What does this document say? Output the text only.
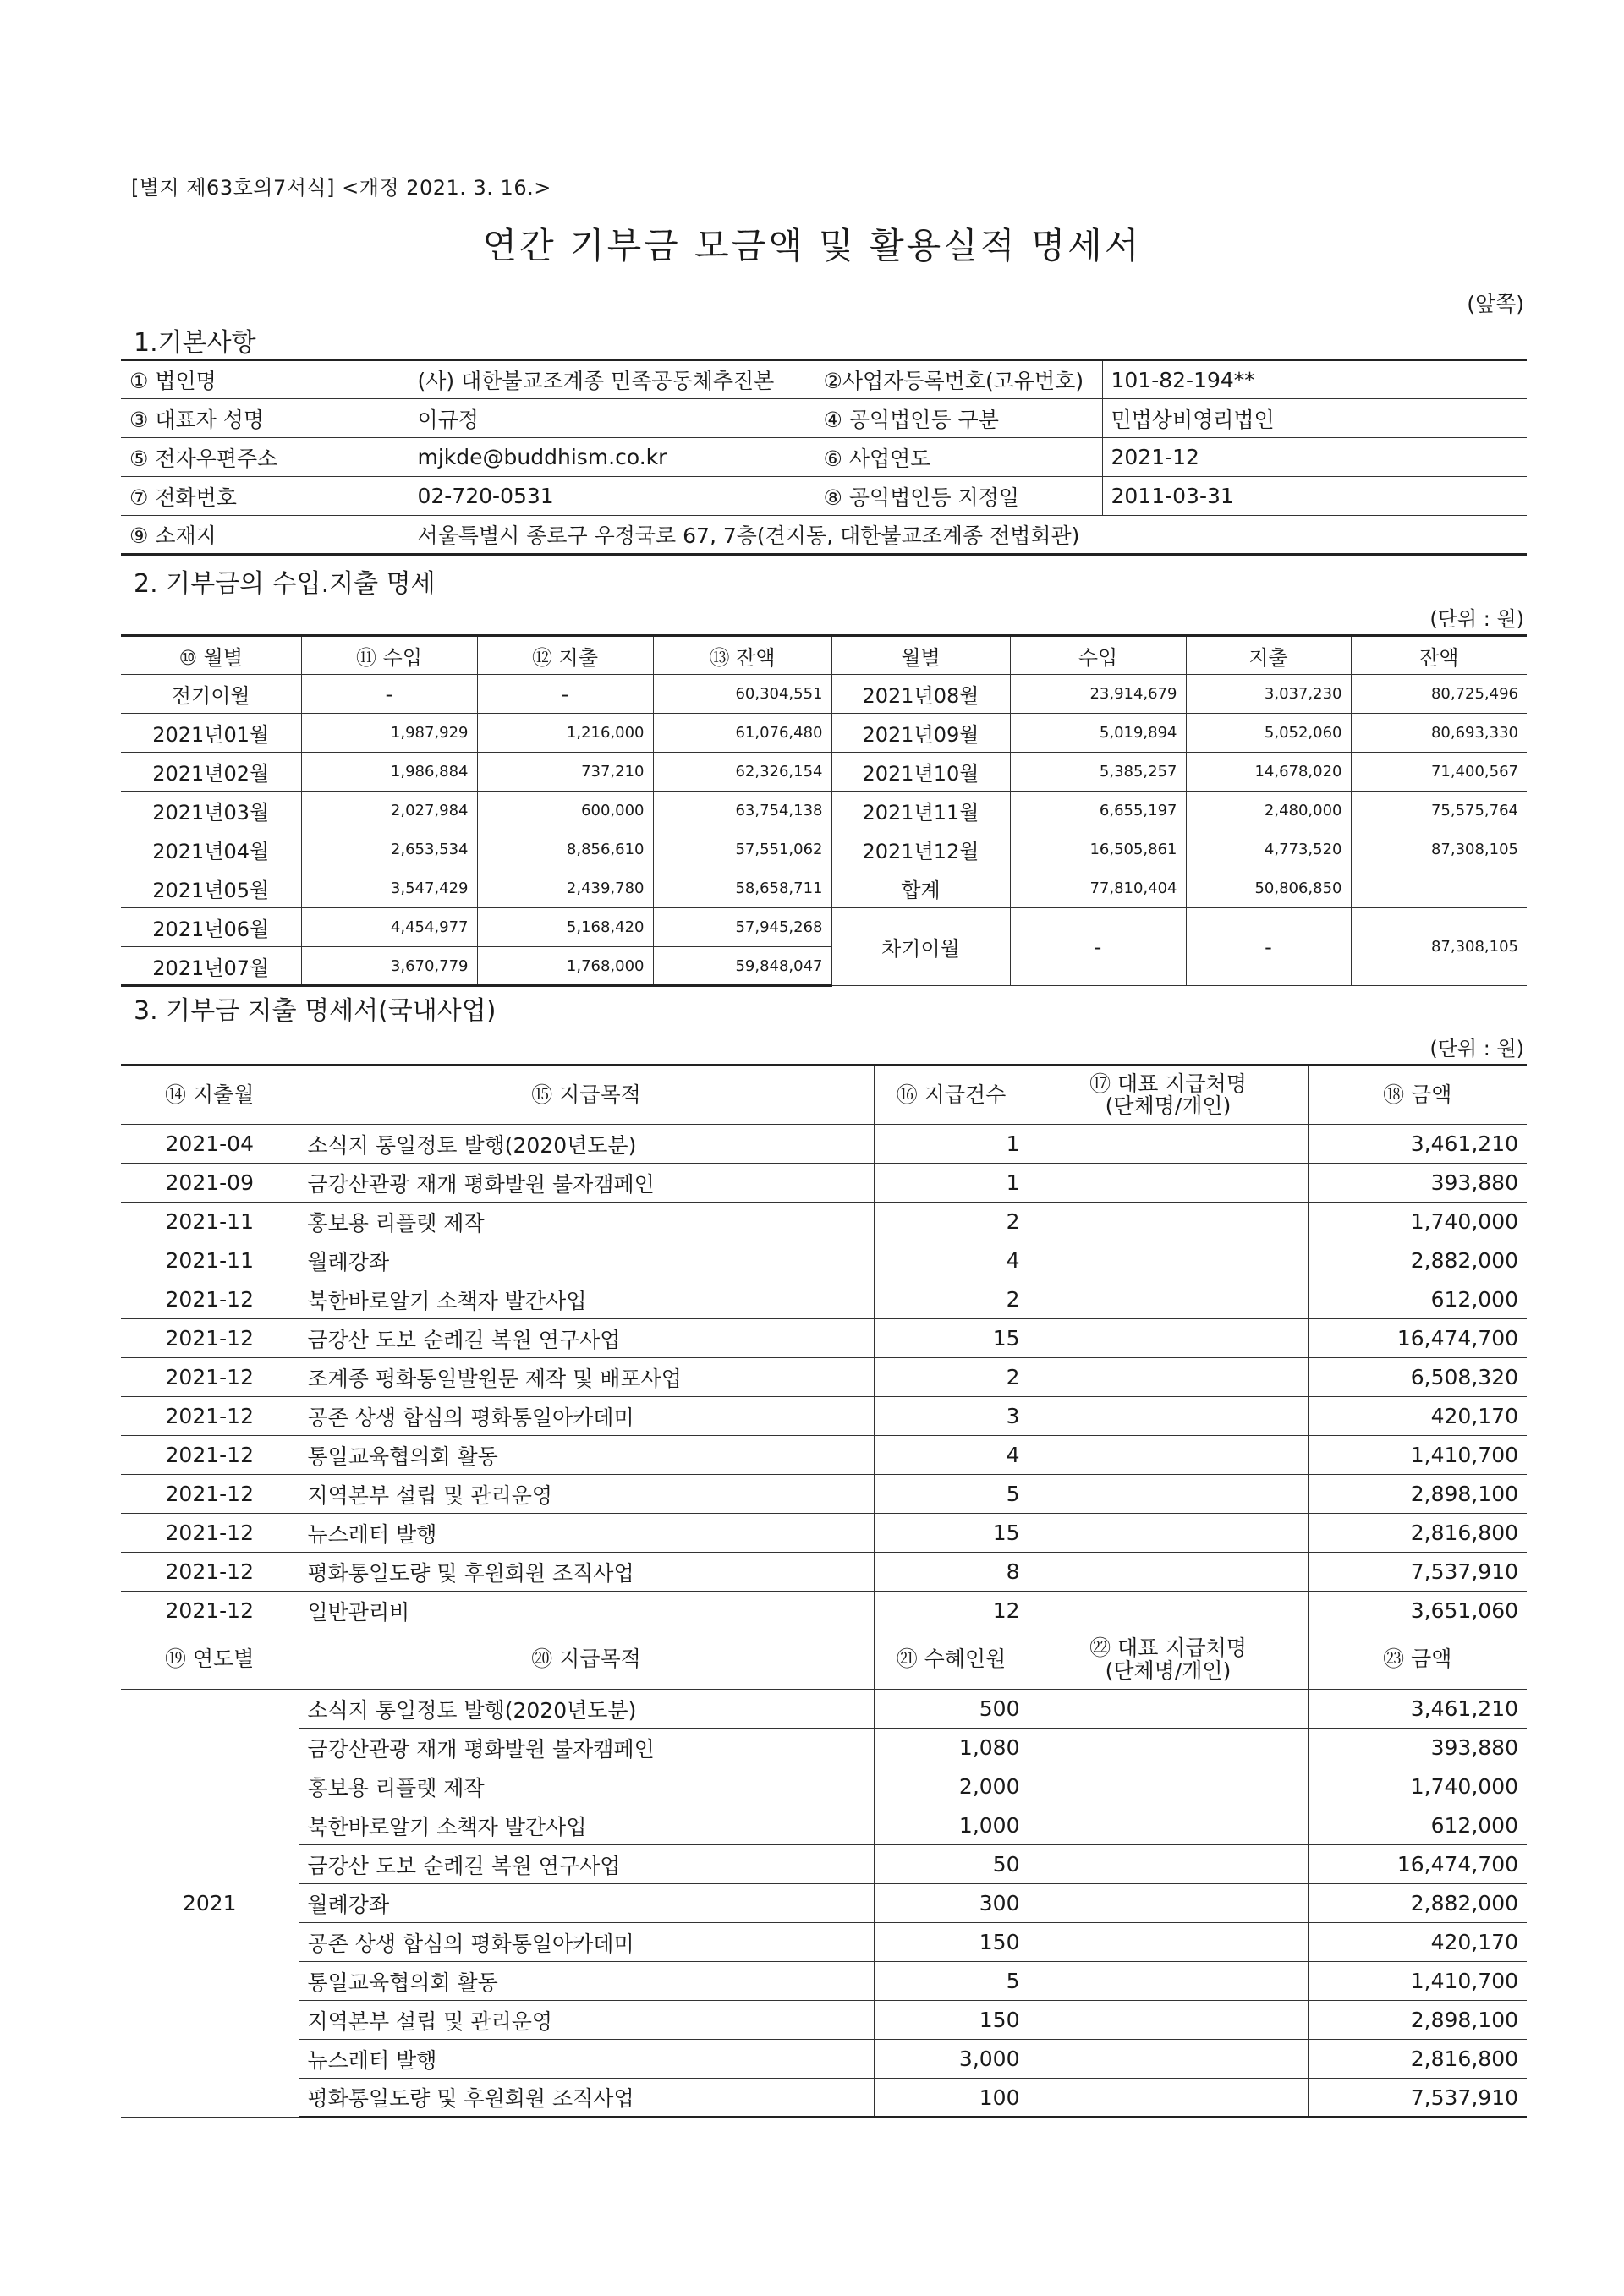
[별지 제63호의7서식] <개정 2021. 3. 16.>
연간 기부금 모금액 및 활용실적 명세서
(앞쪽)
1.기본사항
① 법인명	(사) 대한불교조계종 민족공동체추진본	②사업자등록번호(고유번호)	101-82-194**
③ 대표자 성명	이규정	④ 공익법인등 구분	민법상비영리법인
⑤ 전자우편주소	mjkde@buddhism.co.kr	⑥ 사업연도	2021-12
⑦ 전화번호	02-720-0531	⑧ 공익법인등 지정일	2011-03-31
⑨ 소재지	서울특별시 종로구 우정국로 67, 7층(견지동, 대한불교조계종 전법회관)		
2. 기부금의 수입.지출 명세
(단위 : 원)
⑩ 월별	⑪ 수입	⑫ 지출	⑬ 잔액	월별	수입	지출	잔액
전기이월	-	-	60,304,551	2021년08월	23,914,679	3,037,230	80,725,496
2021년01월	1,987,929	1,216,000	61,076,480	2021년09월	5,019,894	5,052,060	80,693,330
2021년02월	1,986,884	737,210	62,326,154	2021년10월	5,385,257	14,678,020	71,400,567
2021년03월	2,027,984	600,000	63,754,138	2021년11월	6,655,197	2,480,000	75,575,764
2021년04월	2,653,534	8,856,610	57,551,062	2021년12월	16,505,861	4,773,520	87,308,105
2021년05월	3,547,429	2,439,780	58,658,711	합계	77,810,404	50,806,850	
2021년06월	4,454,977	5,168,420	57,945,268	차기이월	-	-	87,308,105
2021년07월	3,670,779	1,768,000	59,848,047				
3. 기부금 지출 명세서(국내사업)
(단위 : 원)
⑭ 지출월	⑮ 지급목적	⑯ 지급건수	⑰ 대표 지급처명
(단체명/개인)	⑱ 금액
2021-04	소식지 통일정토 발행(2020년도분)	1		3,461,210
2021-09	금강산관광 재개 평화발원 불자캠페인	1		393,880
2021-11	홍보용 리플렛 제작	2		1,740,000
2021-11	월례강좌	4		2,882,000
2021-12	북한바로알기 소책자 발간사업	2		612,000
2021-12	금강산 도보 순례길 복원 연구사업	15		16,474,700
2021-12	조계종 평화통일발원문 제작 및 배포사업	2		6,508,320
2021-12	공존 상생 합심의 평화통일아카데미	3		420,170
2021-12	통일교육협의회 활동	4		1,410,700
2021-12	지역본부 설립 및 관리운영	5		2,898,100
2021-12	뉴스레터 발행	15		2,816,800
2021-12	평화통일도량 및 후원회원 조직사업	8		7,537,910
2021-12	일반관리비	12		3,651,060
⑲ 연도별	⑳ 지급목적	㉑ 수혜인원	㉒ 대표 지급처명
(단체명/개인)	㉓ 금액
2021	소식지 통일정토 발행(2020년도분)	500		3,461,210
	금강산관광 재개 평화발원 불자캠페인	1,080		393,880
	홍보용 리플렛 제작	2,000		1,740,000
	북한바로알기 소책자 발간사업	1,000		612,000
	금강산 도보 순례길 복원 연구사업	50		16,474,700
	월례강좌	300		2,882,000
	공존 상생 합심의 평화통일아카데미	150		420,170
	통일교육협의회 활동	5		1,410,700
	지역본부 설립 및 관리운영	150		2,898,100
	뉴스레터 발행	3,000		2,816,800
	평화통일도량 및 후원회원 조직사업	100		7,537,910
